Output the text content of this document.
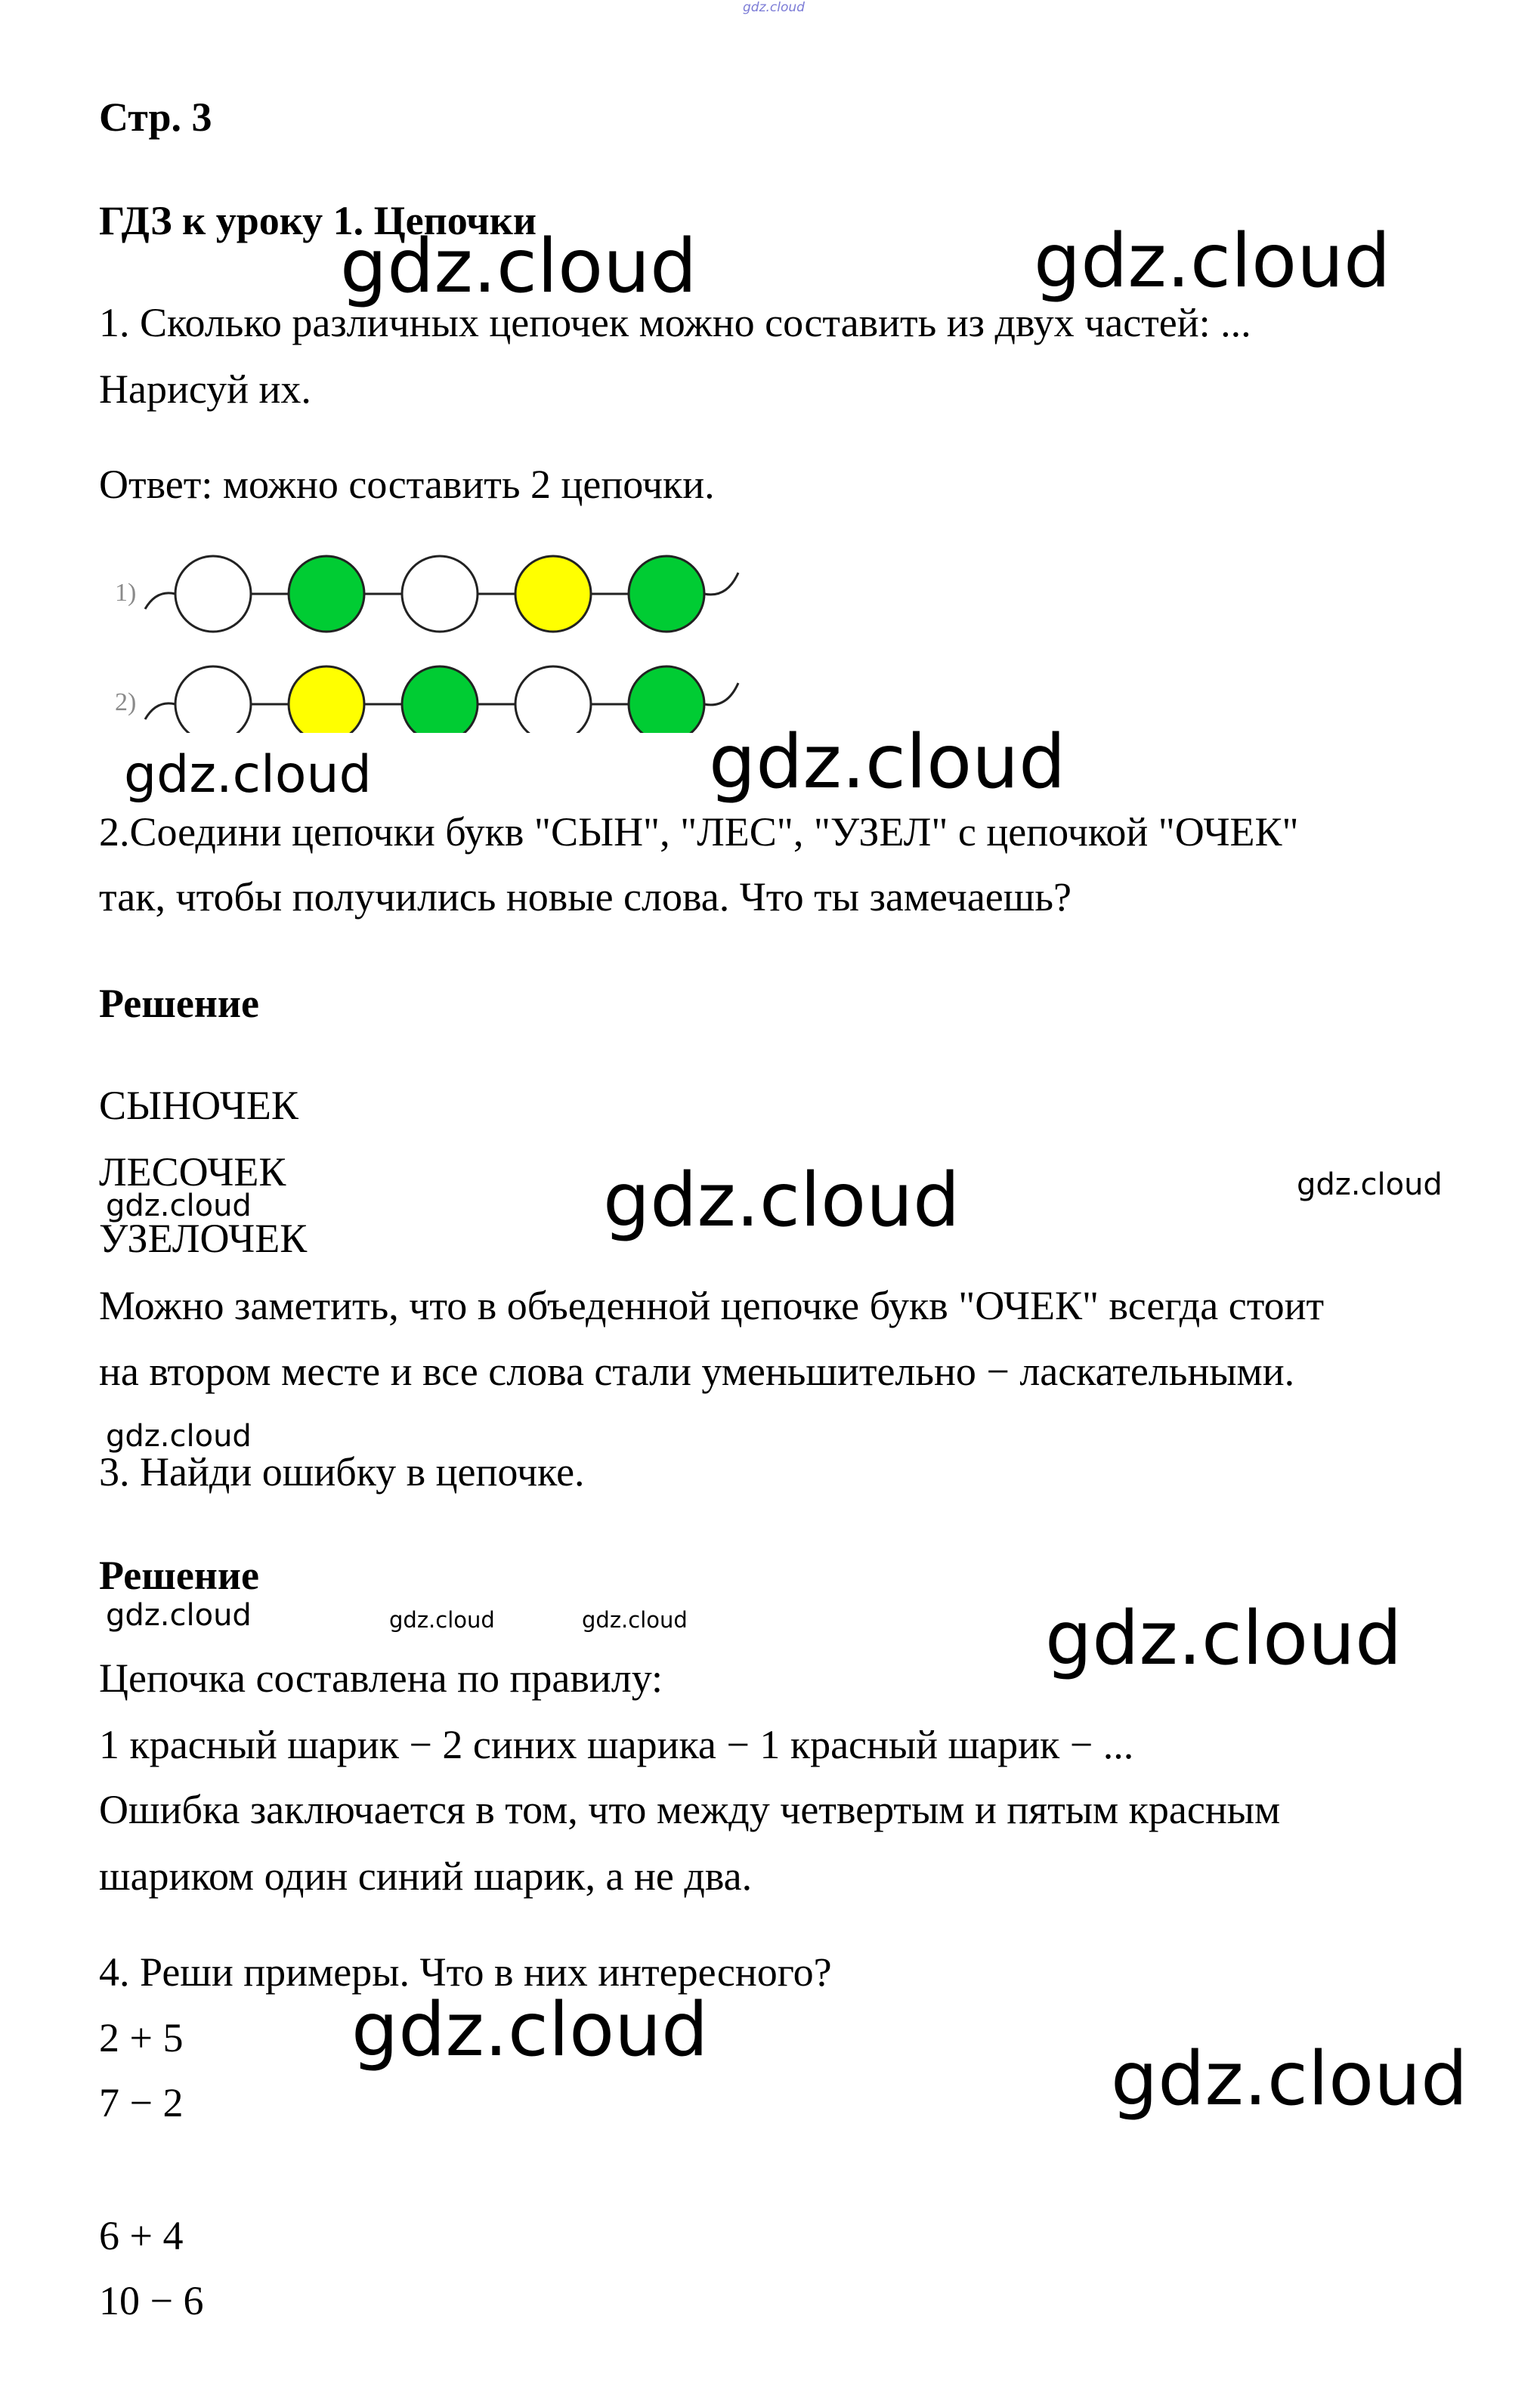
gdz.cloud
Стр. 3
ГДЗ к уроку 1. Цепочки
gdz.cloud	gdz.cloud
1. Сколько различных цепочек можно составить из двух частей: ...
Нарисуй их.
Ответ: можно составить 2 цепочки.
1)
2)
gdz.cloud
gdz.cloud
2.Соедини цепочки букв "СЫН", "ЛЕС", "УЗЕЛ" с цепочкой "ОЧЕК"
так, чтобы получились новые слова. Что ты замечаешь?
Решение
СЫНОЧЕК
ЛЕСОЧЕК
gdz.cloud
УЗЕЛОЧЕК	gdz.cloud	gdz.cloud
Можно заметить, что в объеденной цепочке букв "ОЧЕК" всегда стоит
на втором месте и все слова стали уменьшительно − ласкательными.
gdz.cloud
3. Найди ошибку в цепочке.
Решение
gdz.cloud	gdz.cloud	gdz.cloud	gdz.cloud
Цепочка составлена по правилу:
1 красный шарик − 2 синих шарика − 1 красный шарик − ...
Ошибка заключается в том, что между четвертым и пятым красным
шариком один синий шарик, а не два.
4. Реши примеры. Что в них интересного?
gdz.cloud
gdz.cloud
2 + 5
7 − 2
6 + 4
10 − 6
